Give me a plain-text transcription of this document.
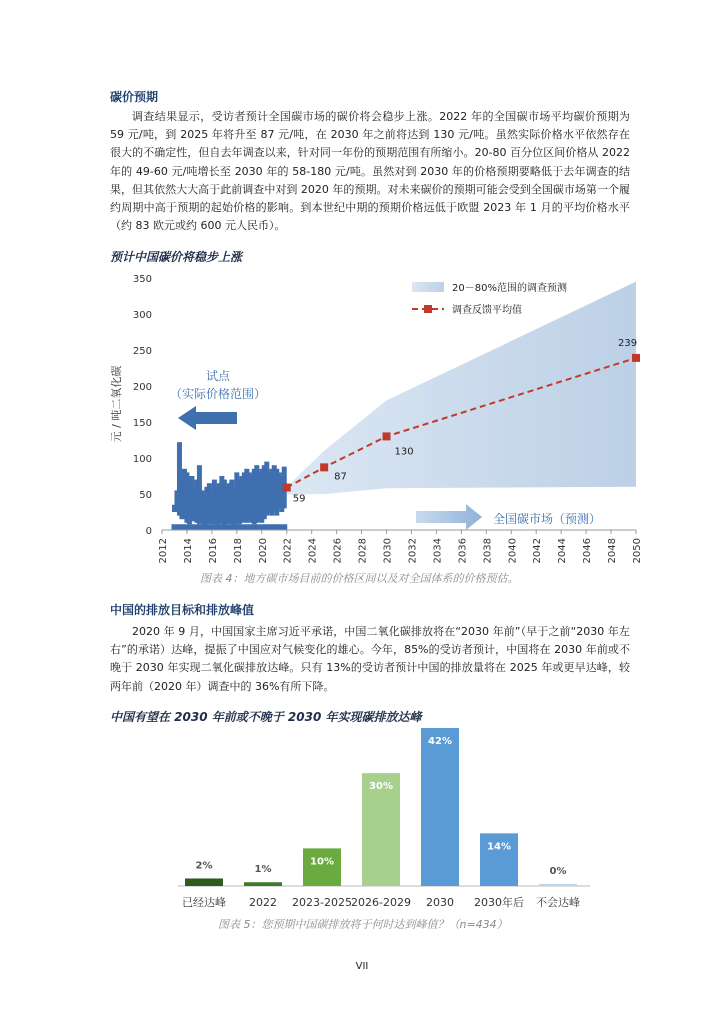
碳价预期

调查结果显示，受访者预计全国碳市场的碳价将会稳步上涨。2022 年的全国碳市场平均碳价预期为 59 元/吨，到 2025 年将升至 87 元/吨，在 2030 年之前将达到 130 元/吨。虽然实际价格水平依然存在很大的不确定性，但自去年调查以来，针对同一年份的预期范围有所缩小。20-80 百分位区间价格从 2022 年的 49-60 元/吨增长至 2030 年的 58-180 元/吨。虽然对到 2030 年的价格预期要略低于去年调查的结果，但其依然大大高于此前调查中对到 2020 年的预期。对未来碳价的预期可能会受到全国碳市场第一个履约周期中高于预期的起始价格的影响。到本世纪中期的预期价格远低于欧盟 2023 年 1 月的平均价格水平（约 83 欧元或约 600 元人民币）。

预计中国碳价将稳步上涨
0
50
100
150
200
250
300
350
元 / 吨二氧化碳
2012 2014 2016 2018 2020 2022 2024 2026 2028 2030 2032 2034 2036 2038 2040 2042 2044 2046 2048 2050
59
87
130
239
20－80%范围的调查预测
调查反馈平均值
试点
（实际价格范围）
全国碳市场（预测）

图表 4：地方碳市场目前的价格区间以及对全国体系的价格预估。

中国的排放目标和排放峰值

2020 年 9 月，中国国家主席习近平承诺，中国二氧化碳排放将在“2030 年前”（早于之前“2030 年左右”的承诺）达峰，提振了中国应对气候变化的雄心。今年，85%的受访者预计，中国将在 2030 年前或不晚于 2030 年实现二氧化碳排放达峰。只有 13%的受访者预计中国的排放量将在 2025 年或更早达峰，较两年前（2020 年）调查中的 36%有所下降。

中国有望在 2030 年前或不晚于 2030 年实现碳排放达峰
2%
已经达峰
1%
2022
10%
2023-2025
30%
2026-2029
42%
2030
14%
2030年后
0%
不会达峰

图表 5：您预期中国碳排放将于何时达到峰值？（n=434）

VII
